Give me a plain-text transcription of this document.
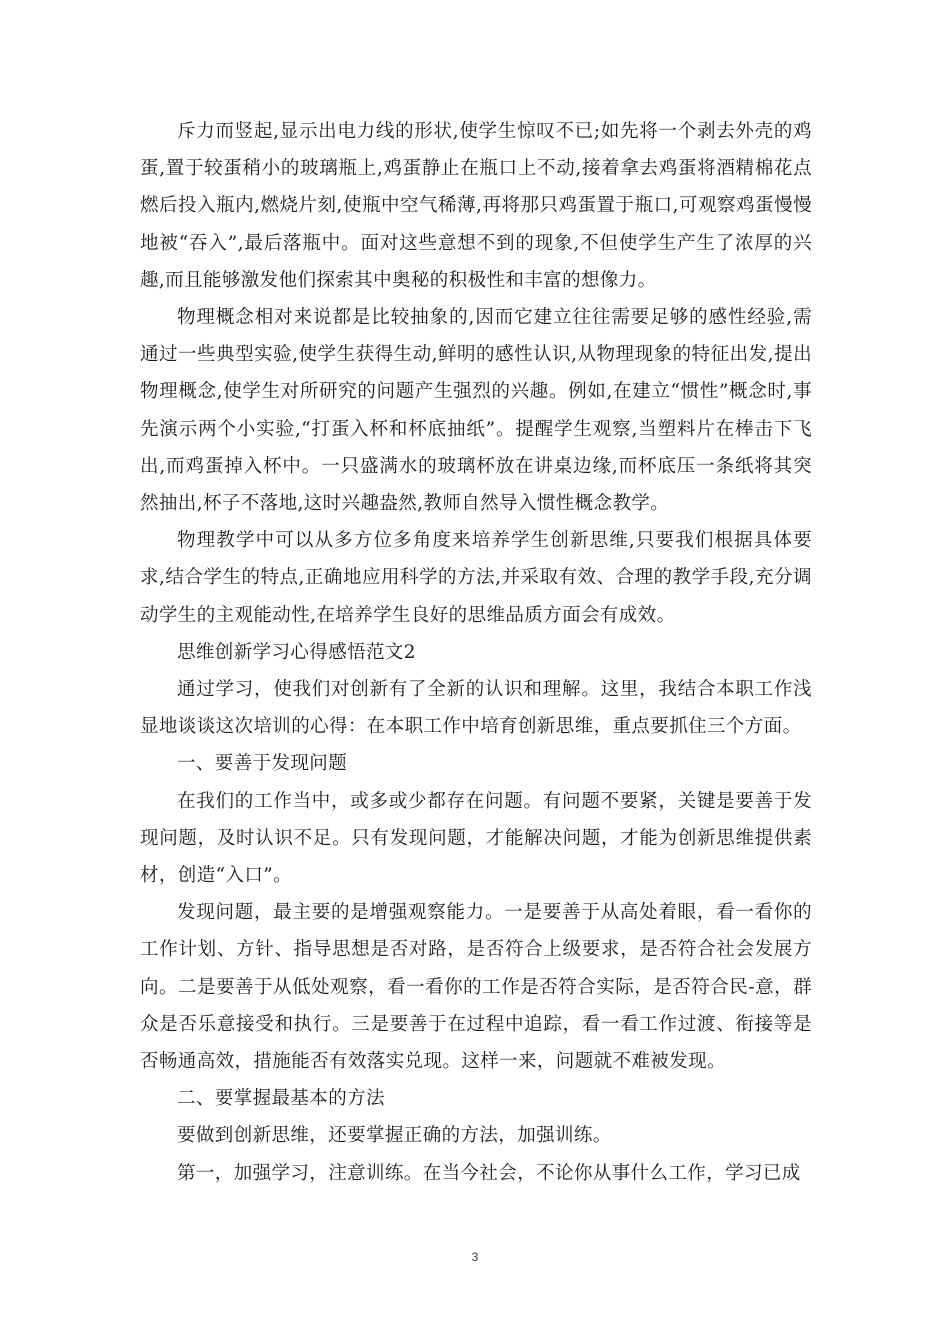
斥力而竖起,显示出电力线的形状,使学生惊叹不已;如先将一个剥去外壳的鸡蛋,置于较蛋稍小的玻璃瓶上,鸡蛋静止在瓶口上不动,接着拿去鸡蛋将酒精棉花点燃后投入瓶内,燃烧片刻,使瓶中空气稀薄,再将那只鸡蛋置于瓶口,可观察鸡蛋慢慢地被“吞入”,最后落瓶中。面对这些意想不到的现象,不但使学生产生了浓厚的兴趣,而且能够激发他们探索其中奥秘的积极性和丰富的想像力。

物理概念相对来说都是比较抽象的,因而它建立往往需要足够的感性经验,需通过一些典型实验,使学生获得生动,鲜明的感性认识,从物理现象的特征出发,提出物理概念,使学生对所研究的问题产生强烈的兴趣。例如,在建立“惯性”概念时,事先演示两个小实验,“打蛋入杯和杯底抽纸”。提醒学生观察,当塑料片在棒击下飞出,而鸡蛋掉入杯中。一只盛满水的玻璃杯放在讲桌边缘,而杯底压一条纸将其突然抽出,杯子不落地,这时兴趣盎然,教师自然导入惯性概念教学。

物理教学中可以从多方位多角度来培养学生创新思维,只要我们根据具体要求,结合学生的特点,正确地应用科学的方法,并采取有效、合理的教学手段,充分调动学生的主观能动性,在培养学生良好的思维品质方面会有成效。

思维创新学习心得感悟范文2

通过学习，使我们对创新有了全新的认识和理解。这里，我结合本职工作浅显地谈谈这次培训的心得：在本职工作中培育创新思维，重点要抓住三个方面。

一、要善于发现问题

在我们的工作当中，或多或少都存在问题。有问题不要紧，关键是要善于发现问题，及时认识不足。只有发现问题，才能解决问题，才能为创新思维提供素材，创造“入口”。

发现问题，最主要的是增强观察能力。一是要善于从高处着眼，看一看你的工作计划、方针、指导思想是否对路，是否符合上级要求，是否符合社会发展方向。二是要善于从低处观察，看一看你的工作是否符合实际，是否符合民-意，群众是否乐意接受和执行。三是要善于在过程中追踪，看一看工作过渡、衔接等是否畅通高效，措施能否有效落实兑现。这样一来，问题就不难被发现。

二、要掌握最基本的方法

要做到创新思维，还要掌握正确的方法，加强训练。

第一，加强学习，注意训练。在当今社会，不论你从事什么工作，学习已成

3
